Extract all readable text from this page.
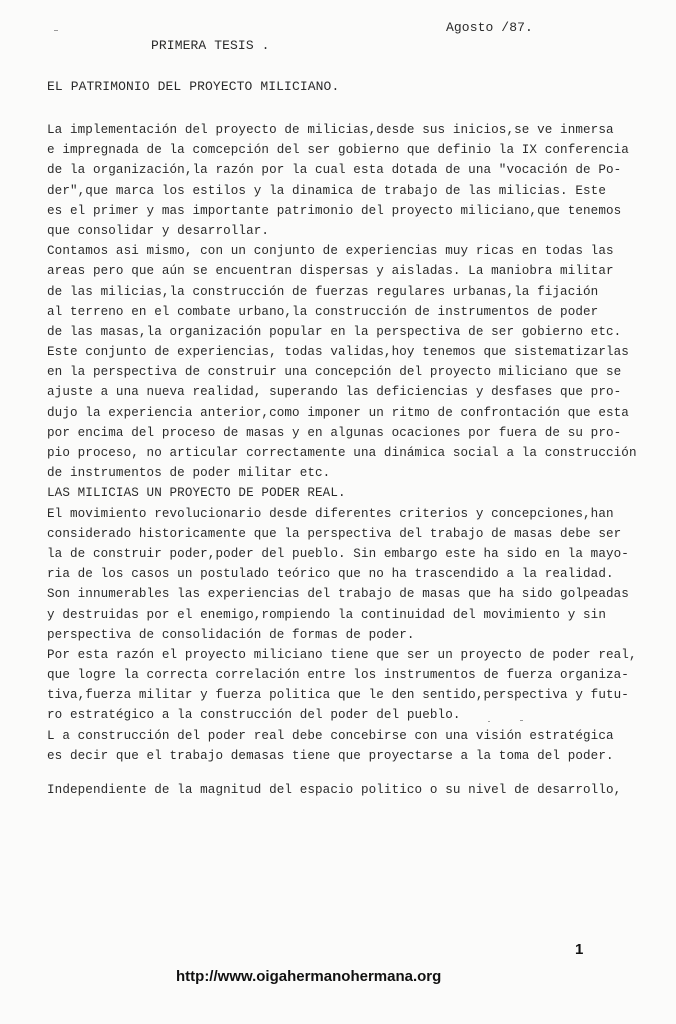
Agosto /87.
PRIMERA TESIS .
EL PATRIMONIO DEL PROYECTO MILICIANO.
La implementación del proyecto de milicias,desde sus inicios,se ve inmersa
e impregnada de la comcepción del ser gobierno que definio la IX conferencia
de la organización,la razón por la cual esta dotada de una "vocación de Po-
der",que marca los estilos y la dinamica de trabajo de las milicias. Este
es el primer y mas importante patrimonio del proyecto miliciano,que tenemos
que consolidar y desarrollar.
Contamos asi mismo, con un conjunto de experiencias muy ricas en todas las
areas pero que aún se encuentran dispersas y aisladas. La maniobra militar
de las milicias,la construcción de fuerzas regulares urbanas,la fijación
al terreno en el combate urbano,la construcción de instrumentos de poder
de las masas,la organización popular en la perspectiva de ser gobierno etc.
Este conjunto de experiencias, todas validas,hoy tenemos que sistematizarlas
en la perspectiva de construir una concepción del proyecto miliciano que se
ajuste a una nueva realidad, superando las deficiencias y desfases que pro-
dujo la experiencia anterior,como imponer un ritmo de confrontación que esta
por encima del proceso de masas y en algunas ocaciones por fuera de su pro-
pio proceso, no articular correctamente una dinámica social a la construcción
de instrumentos de poder militar etc.
LAS MILICIAS UN PROYECTO DE PODER REAL.
El movimiento revolucionario desde diferentes criterios y concepciones,han
considerado historicamente que la perspectiva del trabajo de masas debe ser
la de construir poder,poder del pueblo. Sin embargo este ha sido en la mayo-
ria de los casos un postulado teórico que no ha trascendido a la realidad.
Son innumerables las experiencias del trabajo de masas que ha sido golpeadas
y destruidas por el enemigo,rompiendo la continuidad del movimiento y sin
perspectiva de consolidación de formas de poder.
Por esta razón el proyecto miliciano tiene que ser un proyecto de poder real,
que logre la correcta correlación entre los instrumentos de fuerza organiza-
tiva,fuerza militar y fuerza politica que le den sentido,perspectiva y futu-
ro estratégico a la construcción del poder del pueblo.
L a construcción del poder real debe concebirse con una visión estratégica
es decir que el trabajo demasas tiene que proyectarse a la toma del poder.
Independiente de la magnitud del espacio politico o su nivel de desarrollo,
1
http://www.oigahermanohermana.org
